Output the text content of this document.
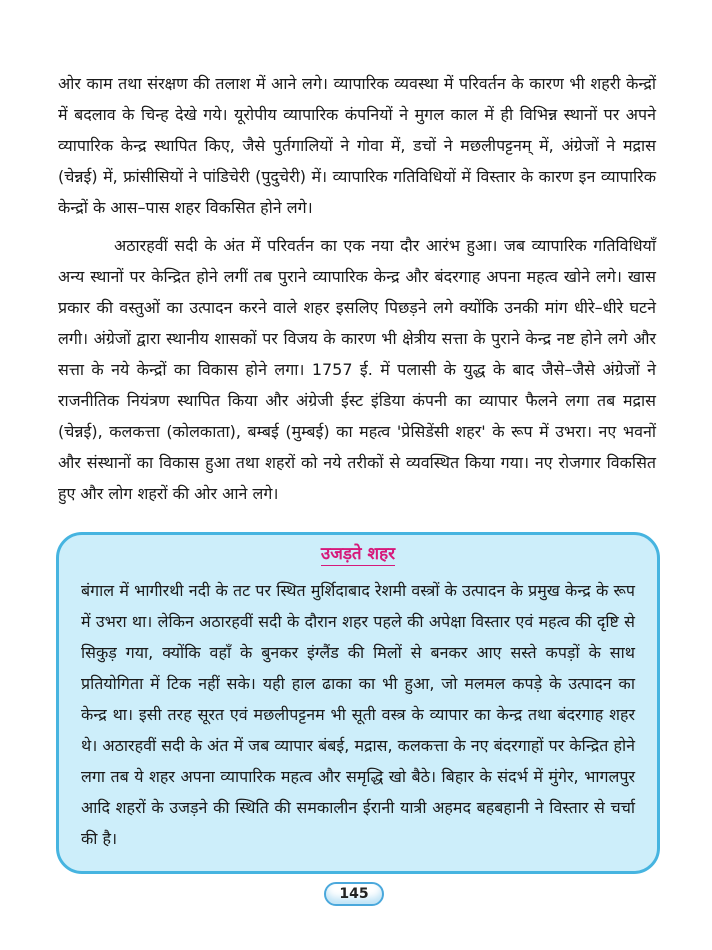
ओर काम तथा संरक्षण की तलाश में आने लगे। व्यापारिक व्यवस्था में परिवर्तन के कारण भी शहरी केन्द्रों में बदलाव के चिन्ह देखे गये। यूरोपीय व्यापारिक कंपनियों ने मुगल काल में ही विभिन्न स्थानों पर अपने व्यापारिक केन्द्र स्थापित किए, जैसे पुर्तगालियों ने गोवा में, डचों ने मछलीपट्टनम् में, अंग्रेजों ने मद्रास (चेन्नई) में, फ्रांसीसियों ने पांडिचेरी (पुदुचेरी) में। व्यापारिक गतिविधियों में विस्तार के कारण इन व्यापारिक केन्द्रों के आस–पास शहर विकसित होने लगे।

अठारहवीं सदी के अंत में परिवर्तन का एक नया दौर आरंभ हुआ। जब व्यापारिक गतिविधियाँ अन्य स्थानों पर केन्द्रित होने लगीं तब पुराने व्यापारिक केन्द्र और बंदरगाह अपना महत्व खोने लगे। खास प्रकार की वस्तुओं का उत्पादन करने वाले शहर इसलिए पिछड़ने लगे क्योंकि उनकी मांग धीरे–धीरे घटने लगी। अंग्रेजों द्वारा स्थानीय शासकों पर विजय के कारण भी क्षेत्रीय सत्ता के पुराने केन्द्र नष्ट होने लगे और सत्ता के नये केन्द्रों का विकास होने लगा। 1757 ई. में पलासी के युद्ध के बाद जैसे–जैसे अंग्रेजों ने राजनीतिक नियंत्रण स्थापित किया और अंग्रेजी ईस्ट इंडिया कंपनी का व्यापार फैलने लगा तब मद्रास (चेन्नई), कलकत्ता (कोलकाता), बम्बई (मुम्बई) का महत्व 'प्रेसिडेंसी शहर' के रूप में उभरा। नए भवनों और संस्थानों का विकास हुआ तथा शहरों को नये तरीकों से व्यवस्थित किया गया। नए रोजगार विकसित हुए और लोग शहरों की ओर आने लगे।

उजड़ते शहर

बंगाल में भागीरथी नदी के तट पर स्थित मुर्शिदाबाद रेशमी वस्त्रों के उत्पादन के प्रमुख केन्द्र के रूप में उभरा था। लेकिन अठारहवीं सदी के दौरान शहर पहले की अपेक्षा विस्तार एवं महत्व की दृष्टि से सिकुड़ गया, क्योंकि वहाँ के बुनकर इंग्लैंड की मिलों से बनकर आए सस्ते कपड़ों के साथ प्रतियोगिता में टिक नहीं सके। यही हाल ढाका का भी हुआ, जो मलमल कपड़े के उत्पादन का केन्द्र था। इसी तरह सूरत एवं मछलीपट्टनम भी सूती वस्त्र के व्यापार का केन्द्र तथा बंदरगाह शहर थे। अठारहवीं सदी के अंत में जब व्यापार बंबई, मद्रास, कलकत्ता के नए बंदरगाहों पर केन्द्रित होने लगा तब ये शहर अपना व्यापारिक महत्व और समृद्धि खो बैठे। बिहार के संदर्भ में मुंगेर, भागलपुर आदि शहरों के उजड़ने की स्थिति की समकालीन ईरानी यात्री अहमद बहबहानी ने विस्तार से चर्चा की है।

145
